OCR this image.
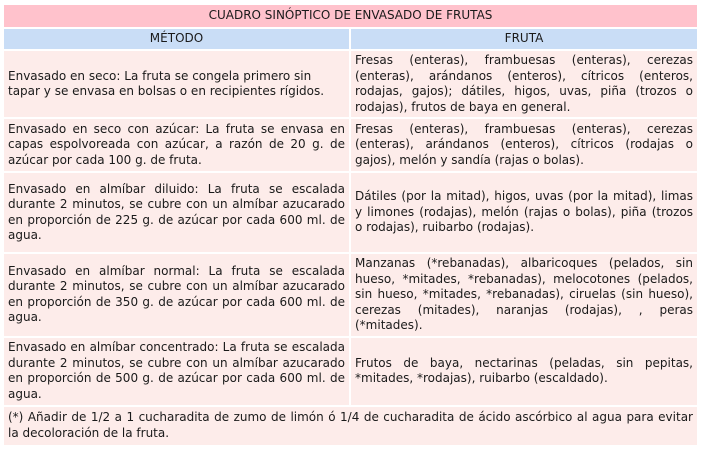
CUADRO SINÓPTICO DE ENVASADO DE FRUTAS	
MÉTODO	FRUTA
Envasado en seco: La fruta se congela primero sin tapar y se envasa en bolsas o en recipientes rígidos.	Fresas (enteras), frambuesas (enteras), cerezas (enteras), arándanos (enteros), cítricos (enteros, rodajas, gajos); dátiles, higos, uvas, piña (trozos o rodajas), frutos de baya en general.
Envasado en seco con azúcar: La fruta se envasa en capas espolvoreada con azúcar, a razón de 20 g. de azúcar por cada 100 g. de fruta.	Fresas (enteras), frambuesas (enteras), cerezas (enteras), arándanos (enteros), cítricos (rodajas o gajos), melón y sandía (rajas o bolas).
Envasado en almíbar diluido: La fruta se escalada durante 2 minutos, se cubre con un almíbar azucarado en proporción de 225 g. de azúcar por cada 600 ml. de agua.	Dátiles (por la mitad), higos, uvas (por la mitad), limas y limones (rodajas), melón (rajas o bolas), piña (trozos o rodajas), ruibarbo (rodajas).
Envasado en almíbar normal: La fruta se escalada durante 2 minutos, se cubre con un almíbar azucarado en proporción de 350 g. de azúcar por cada 600 ml. de agua.	Manzanas (*rebanadas), albaricoques (pelados, sin hueso, *mitades, *rebanadas), melocotones (pelados, sin hueso, *mitades, *rebanadas), ciruelas (sin hueso), cerezas (mitades), naranjas (rodajas), , peras (*mitades).
Envasado en almíbar concentrado: La fruta se escalada durante 2 minutos, se cubre con un almíbar azucarado en proporción de 500 g. de azúcar por cada 600 ml. de agua.	Frutos de baya, nectarinas (peladas, sin pepitas, *mitades, *rodajas), ruibarbo (escaldado).
(*) Añadir de 1/2 a 1 cucharadita de zumo de limón ó 1/4 de cucharadita de ácido ascórbico al agua para evitar la decoloración de la fruta.	
